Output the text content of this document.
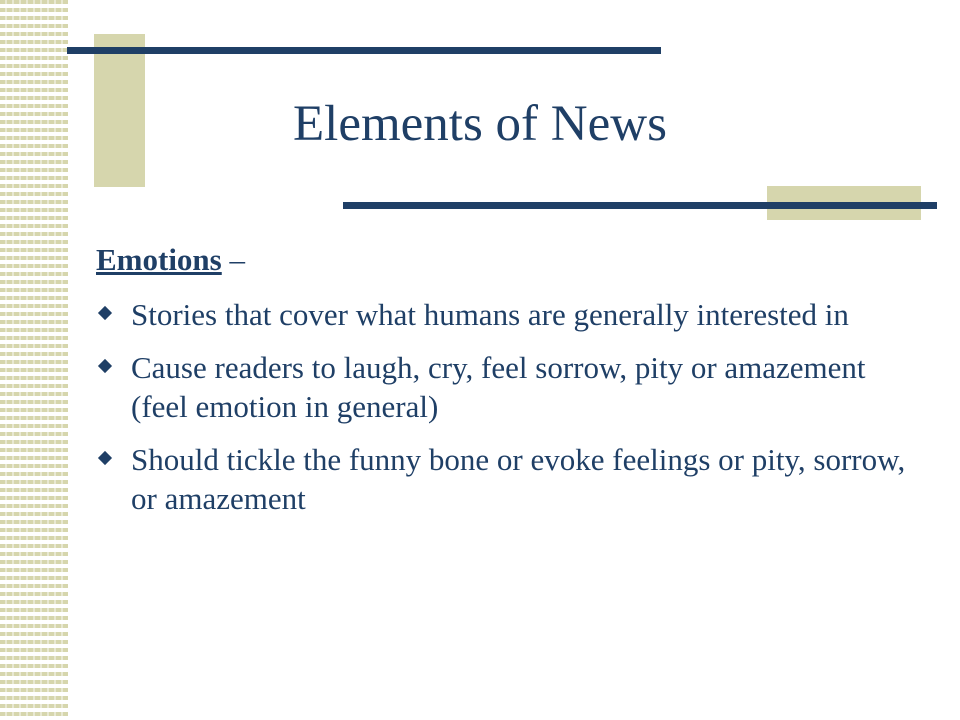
Elements of News

Emotions –

Stories that cover what humans are generally interested in
Cause readers to laugh, cry, feel sorrow, pity or amazement (feel emotion in general)
Should tickle the funny bone or evoke feelings or pity, sorrow, or amazement
